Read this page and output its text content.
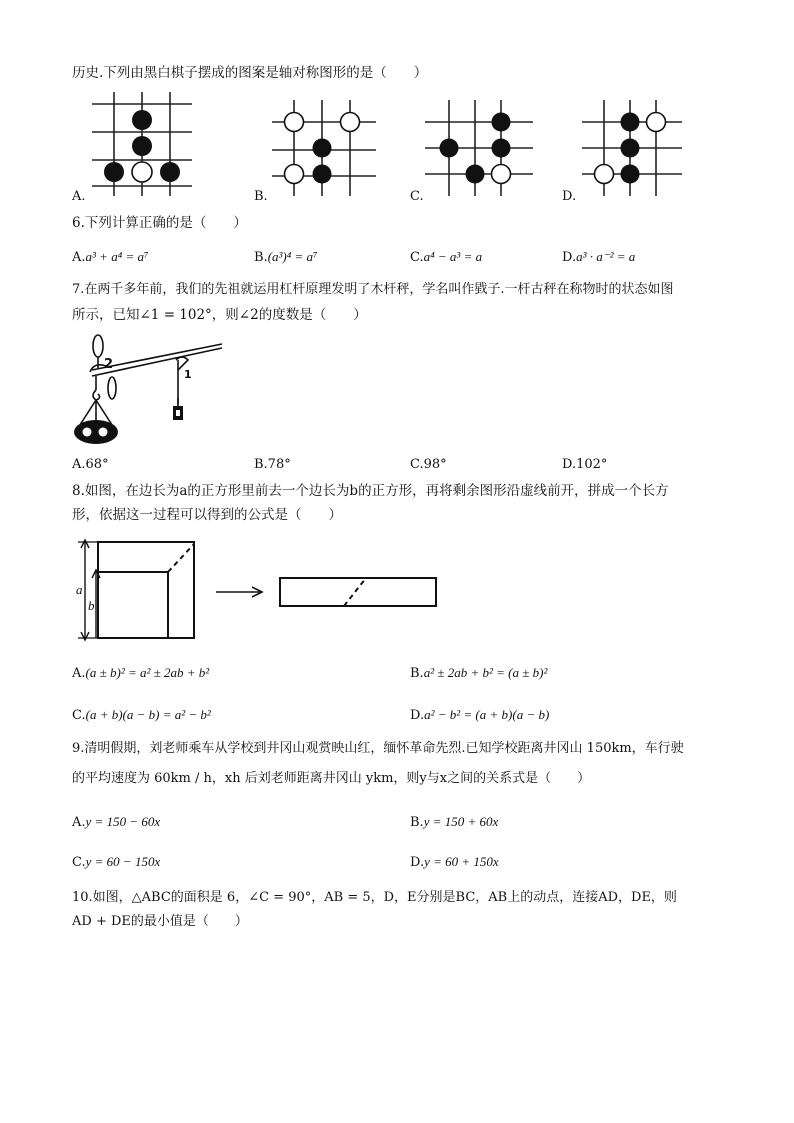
历史.下列由黑白棋子摆成的图案是轴对称图形的是（　　）
A.	B.	C.	D.
6.下列计算正确的是（　　）
A.a³ + a⁴ = a⁷	B.(a³)⁴ = a⁷	C.a⁴ − a³ = a	D.a³ · a⁻² = a
7.在两千多年前，我们的先祖就运用杠杆原理发明了木杆秤，学名叫作戥子.一杆古秤在称物时的状态如图
所示，已知∠1 = 102°，则∠2的度数是（　　）
2
1
A.68°	B.78°	C.98°	D.102°
8.如图，在边长为a的正方形里前去一个边长为b的正方形，再将剩余图形沿虚线前开，拼成一个长方
形，依据这一过程可以得到的公式是（　　）
a
b
A.(a ± b)² = a² ± 2ab + b²	B.a² ± 2ab + b² = (a ± b)²
C.(a + b)(a − b) = a² − b²	D.a² − b² = (a + b)(a − b)
9.清明假期，刘老师乘车从学校到井冈山观赏映山红，缅怀革命先烈.已知学校距离井冈山 150km，车行驶
的平均速度为 60km / h，xh 后刘老师距离井冈山 ykm，则y与x之间的关系式是（　　）
A.y = 150 − 60x	B.y = 150 + 60x
C.y = 60 − 150x	D.y = 60 + 150x
10.如图，△ABC的面积是 6，∠C = 90°，AB = 5，D，E分别是BC，AB上的动点，连接AD，DE，则
AD + DE的最小值是（　　）
